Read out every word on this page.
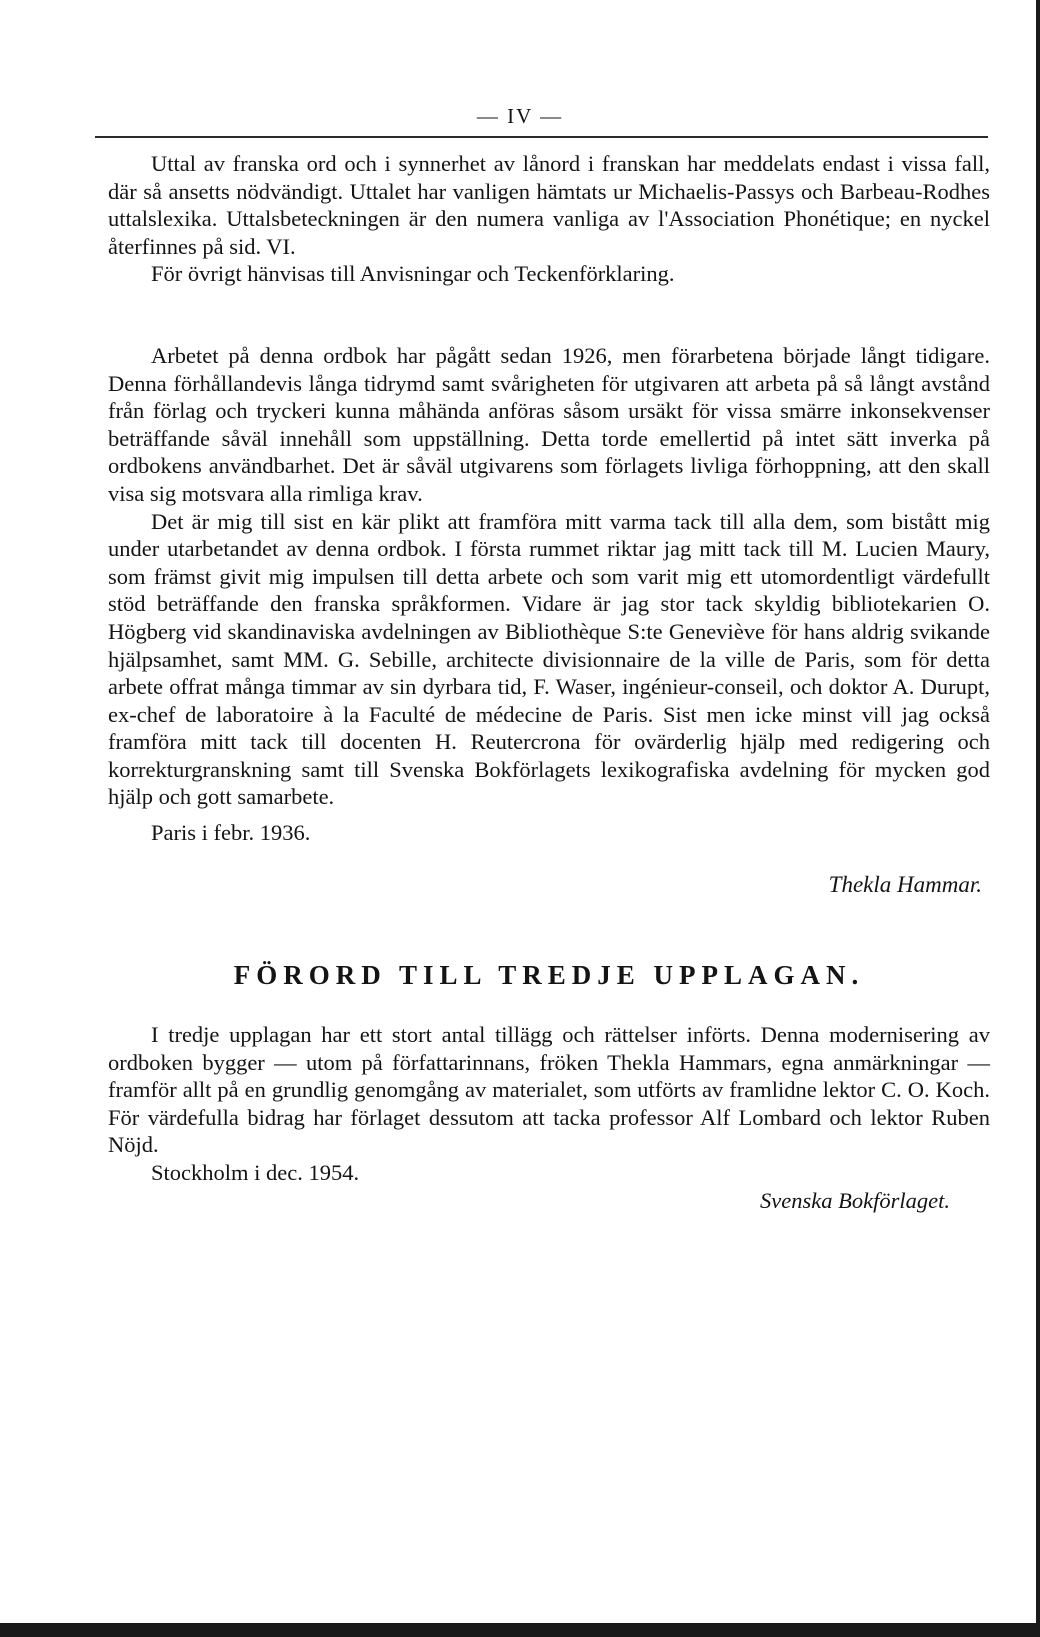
— IV —

Uttal av franska ord och i synnerhet av lånord i franskan har meddelats endast i vissa fall, där så ansetts nödvändigt. Uttalet har vanligen hämtats ur Michaelis-Passys och Barbeau-Rodhes uttalslexika. Uttalsbeteckningen är den numera vanliga av l'Association Phonétique; en nyckel återfinnes på sid. VI.

För övrigt hänvisas till Anvisningar och Teckenförklaring.

Arbetet på denna ordbok har pågått sedan 1926, men förarbetena började långt tidigare. Denna förhållandevis långa tidrymd samt svårigheten för utgivaren att arbeta på så långt avstånd från förlag och tryckeri kunna måhända anföras såsom ursäkt för vissa smärre inkonsekvenser beträffande såväl innehåll som uppställning. Detta torde emellertid på intet sätt inverka på ordbokens användbarhet. Det är såväl utgivarens som förlagets livliga förhoppning, att den skall visa sig motsvara alla rimliga krav.

Det är mig till sist en kär plikt att framföra mitt varma tack till alla dem, som bistått mig under utarbetandet av denna ordbok. I första rummet riktar jag mitt tack till M. Lucien Maury, som främst givit mig impulsen till detta arbete och som varit mig ett utomordentligt värdefullt stöd beträffande den franska språkformen. Vidare är jag stor tack skyldig bibliotekarien O. Högberg vid skandinaviska avdelningen av Bibliothèque S:te Geneviève för hans aldrig svikande hjälpsamhet, samt MM. G. Sebille, architecte divisionnaire de la ville de Paris, som för detta arbete offrat många timmar av sin dyrbara tid, F. Waser, ingénieur-conseil, och doktor A. Durupt, ex-chef de laboratoire à la Faculté de médecine de Paris. Sist men icke minst vill jag också framföra mitt tack till docenten H. Reutercrona för ovärderlig hjälp med redigering och korrekturgranskning samt till Svenska Bokförlagets lexikografiska avdelning för mycken god hjälp och gott samarbete.

Paris i febr. 1936.

Thekla Hammar.

FÖRORD TILL TREDJE UPPLAGAN.

I tredje upplagan har ett stort antal tillägg och rättelser införts. Denna modernisering av ordboken bygger — utom på författarinnans, fröken Thekla Hammars, egna anmärkningar — framför allt på en grundlig genomgång av materialet, som utförts av framlidne lektor C. O. Koch. För värdefulla bidrag har förlaget dessutom att tacka professor Alf Lombard och lektor Ruben Nöjd.

Stockholm i dec. 1954.

Svenska Bokförlaget.
